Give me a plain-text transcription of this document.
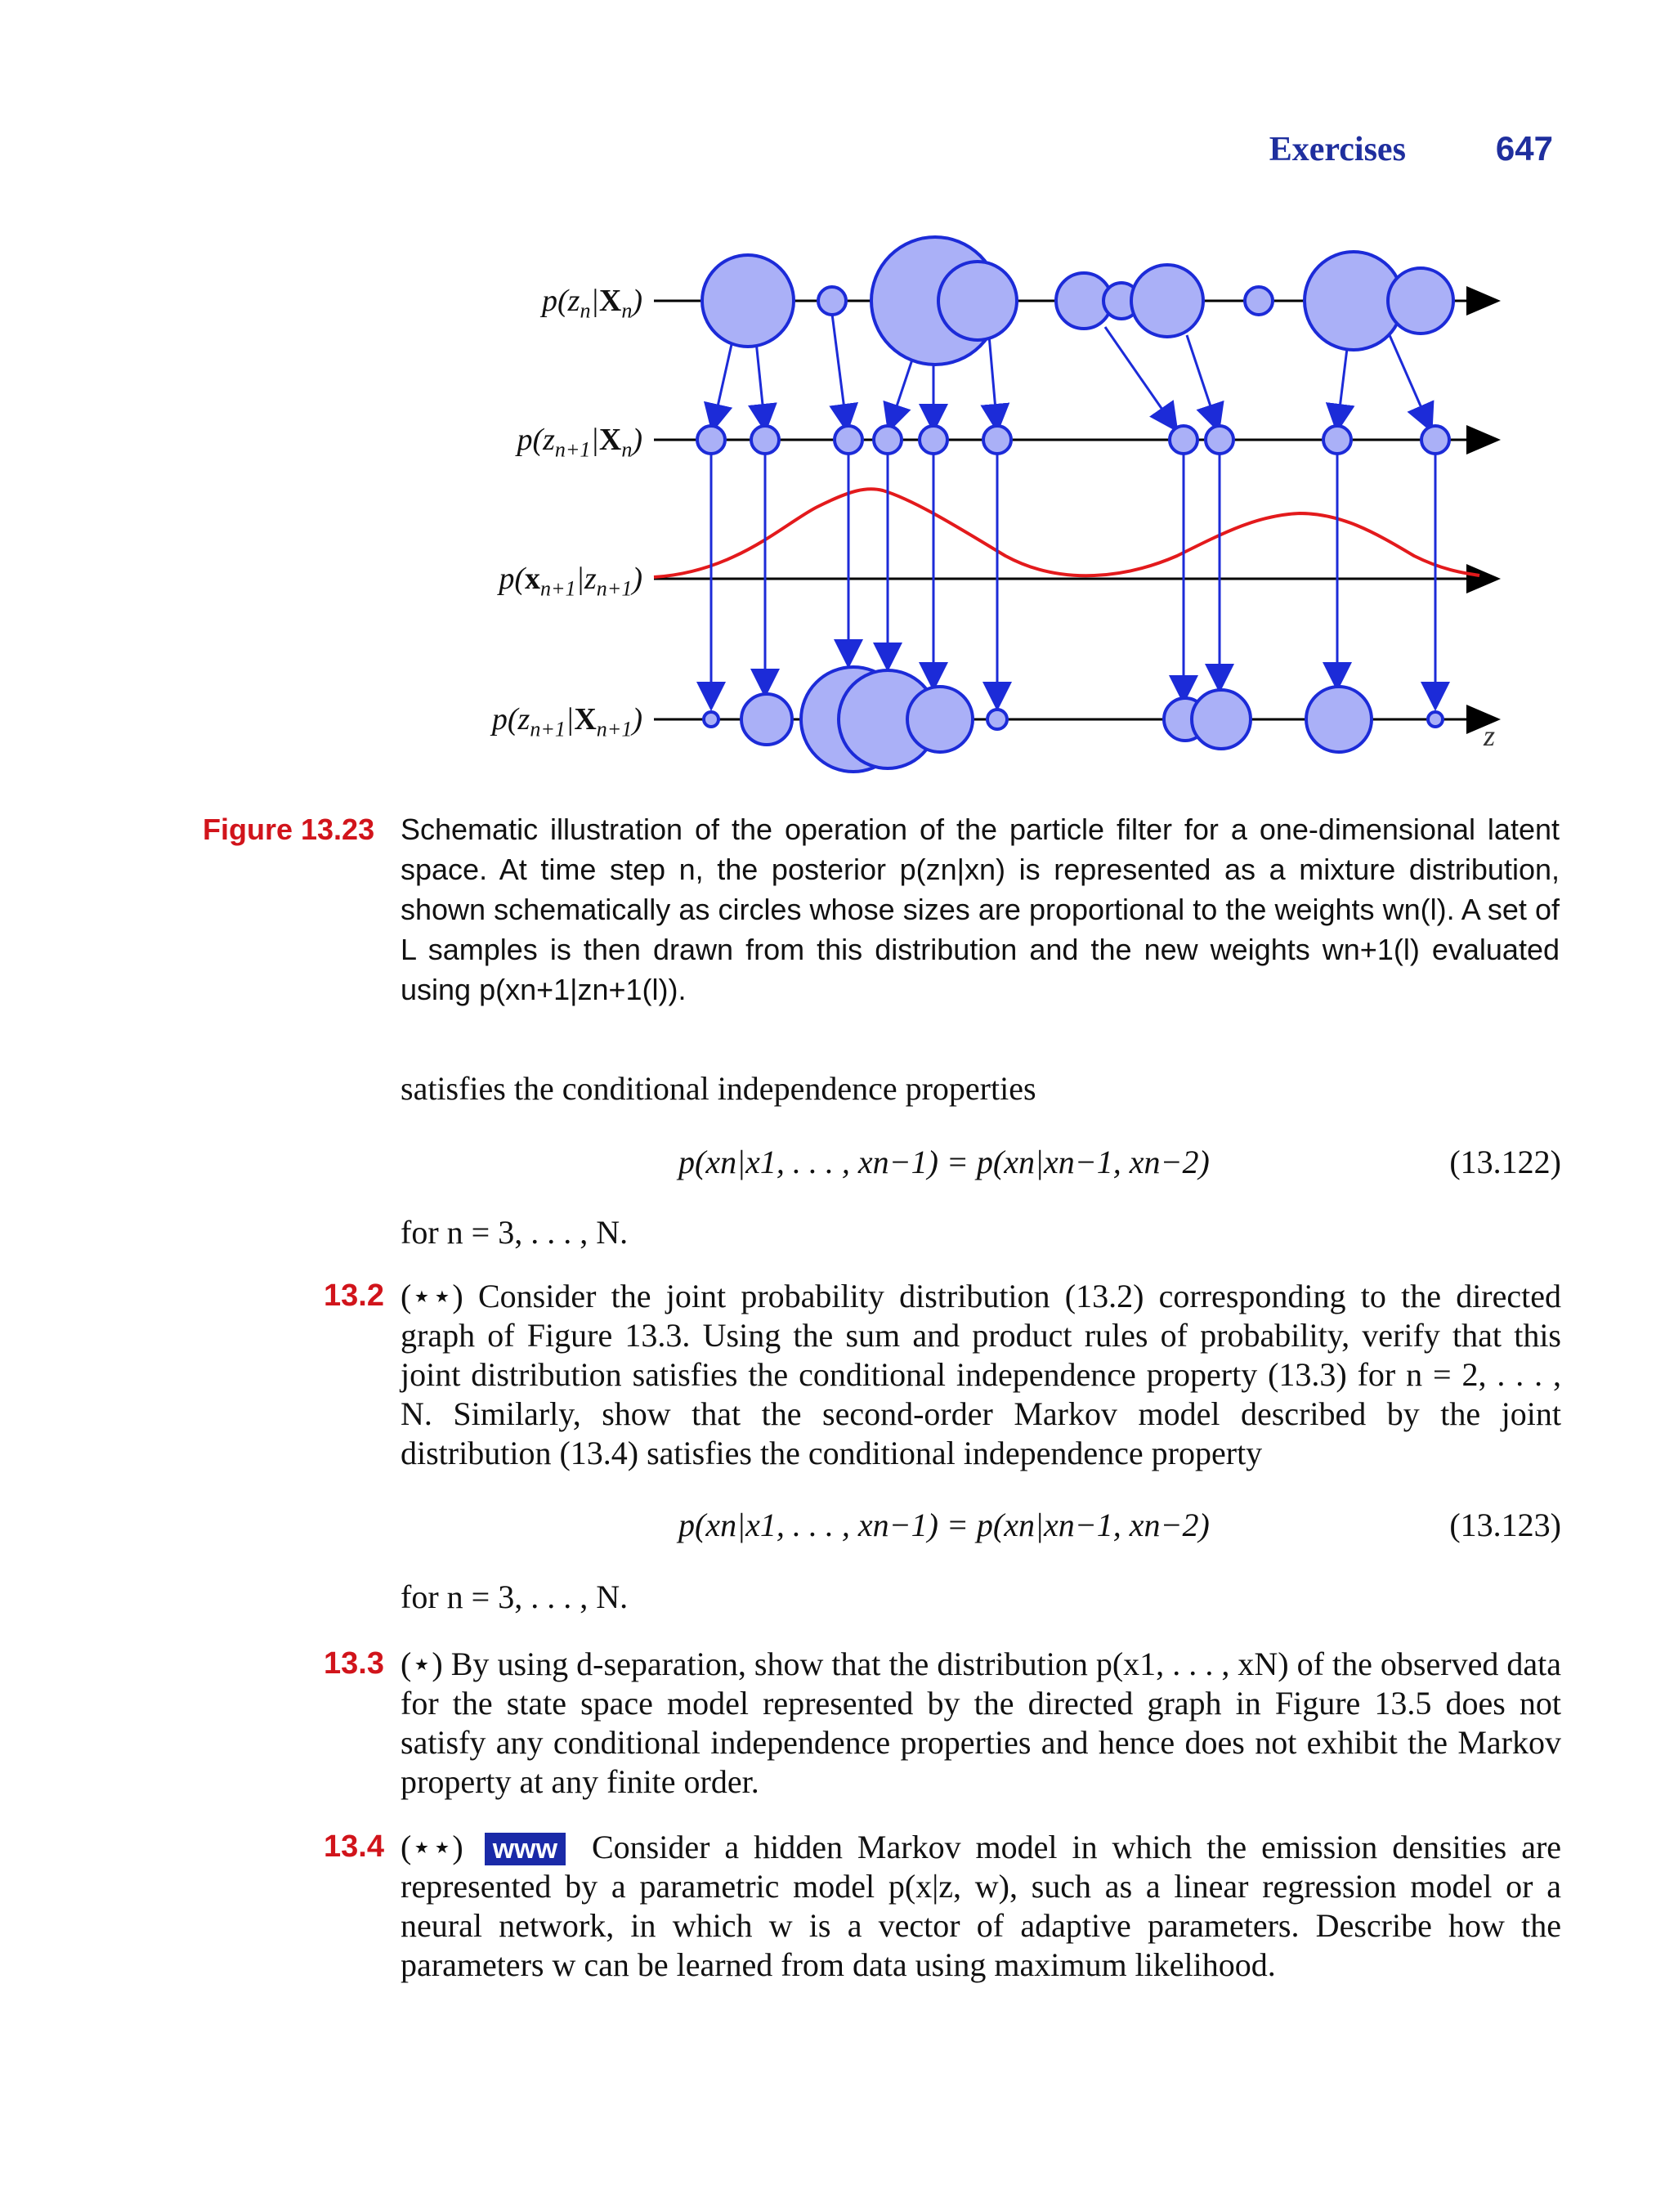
Exercises	647
z
$p(z_n|X_n)$
$p(z_{n+1}|X_n)$
$p(x_{n+1}|z_{n+1})$
$p(z_{n+1}|X_{n+1})$
Figure 13.23 Schematic illustration of the operation of the particle filter for a one-dimensional latent space. At time step n, the posterior p(zn|xn) is represented as a mixture distribution, shown schematically as circles whose sizes are proportional to the weights wn(l). A set of L samples is then drawn from this distribution and the new weights wn+1(l) evaluated using p(xn+1|zn+1(l)).
satisfies the conditional independence properties
p(xn|x1, . . . , xn−1) = p(xn|xn−1, xn−2)	(13.122)
for n = 3, . . . , N.
13.2 (⋆⋆) Consider the joint probability distribution (13.2) corresponding to the directed graph of Figure 13.3. Using the sum and product rules of probability, verify that this joint distribution satisfies the conditional independence property (13.3) for n = 2, . . . , N. Similarly, show that the second-order Markov model described by the joint distribution (13.4) satisfies the conditional independence property
p(xn|x1, . . . , xn−1) = p(xn|xn−1, xn−2)	(13.123)
for n = 3, . . . , N.
13.3 (⋆) By using d-separation, show that the distribution p(x1, . . . , xN) of the observed data for the state space model represented by the directed graph in Figure 13.5 does not satisfy any conditional independence properties and hence does not exhibit the Markov property at any finite order.
13.4 (⋆⋆) www Consider a hidden Markov model in which the emission densities are represented by a parametric model p(x|z, w), such as a linear regression model or a neural network, in which w is a vector of adaptive parameters. Describe how the parameters w can be learned from data using maximum likelihood.
